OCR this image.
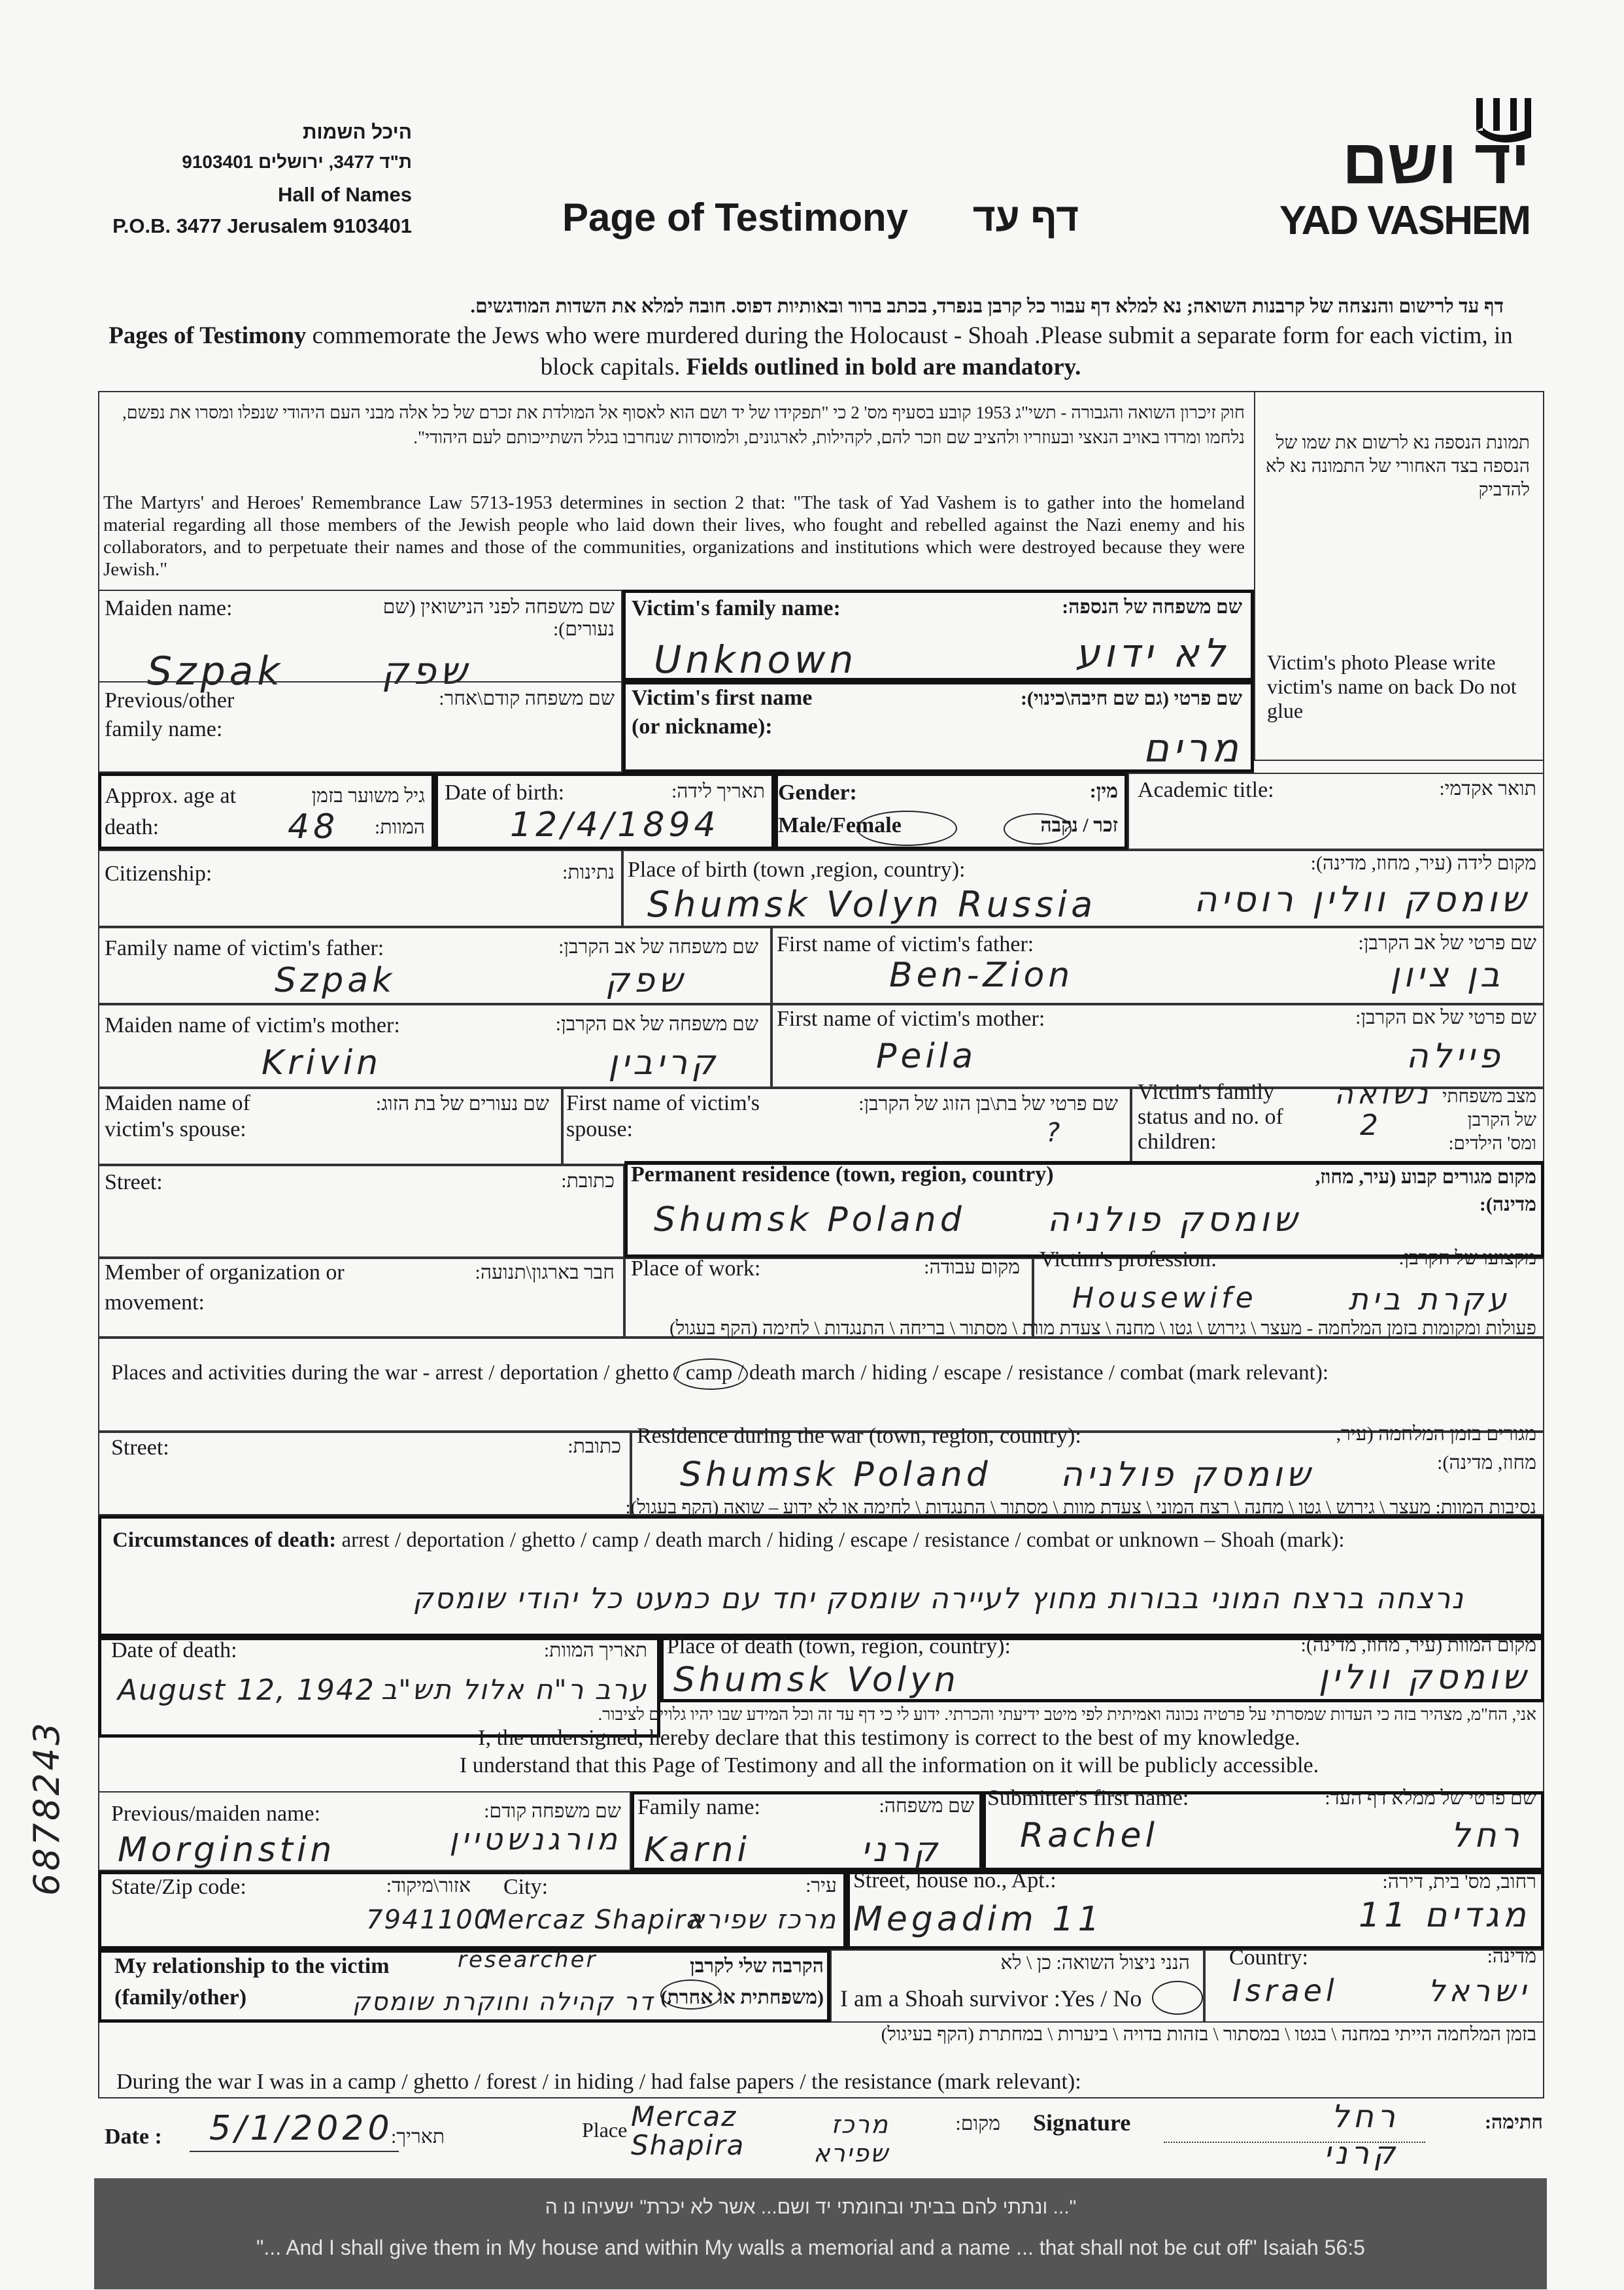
היכל השמות
ת"ד 3477, ירושלים 9103401
Hall of Names
P.O.B. 3477 Jerusalem 9103401	Page of Testimony	דף עד
יד ושם
YAD VASHEM
דף עד לרישום והנצחה של קרבנות השואה; נא למלא דף עבור כל קרבן בנפרד, בכתב ברור ובאותיות דפוס. חובה למלא את השדות המודגשים.
Pages of Testimony commemorate the Jews who were murdered during the Holocaust - Shoah .Please submit a separate form for each victim, in block capitals. Fields outlined in bold are mandatory.
חוק זיכרון השואה והגבורה - תשי"ג 1953 קובע בסעיף מס' 2 כי "תפקידו של יד ושם הוא לאסוף אל המולדת את זכרם של כל אלה מבני העם היהודי שנפלו ומסרו את נפשם, נלחמו ומרדו באויב הנאצי ובעוזריו ולהציב שם וזכר להם, לקהילות, לארגונים, ולמוסדות שנחרבו בגלל השתייכותם לעם היהודי".
The Martyrs' and Heroes' Remembrance Law 5713-1953 determines in section 2 that: "The task of Yad Vashem is to gather into the homeland material regarding all those members of the Jewish people who laid down their lives, who fought and rebelled against the Nazi enemy and his collaborators, and to perpetuate their names and those of the communities, organizations and institutions which were destroyed because they were Jewish."
תמונת הנספה נא לרשום את שמו של הנספה בצד האחורי של התמונה נא לא להדביק
Victim's photo Please write victim's name on back Do not glue
Maiden name:	שם משפחה לפני הנישואין (שם נעורים):
Szpak	שפק
Previous/other family name:
שם משפחה קודם\אחר:
Victim's family name:	שם משפחה של הנספה:
Unknown	לא ידוע
Victim's first name (or nickname):
שם פרטי (גם שם חיבה\כינוי):
מרים
Approx. age at death:
גיל משוער בזמן המוות:
48
Date of birth:	תאריך לידה:
12/4/1894
Gender:
Male/Female
מין:
זכר / נקבה
Academic title:	תואר אקדמי:
Citizenship:	נתינות: Place of birth (town ,region, country):	מקום לידה (עיר, מחוז, מדינה):
Shumsk Volyn Russia	שומסק וולין רוסיה
Family name of victim's father:	שם משפחה של אב הקרבן:
Szpak	שפק
First name of victim's father:	שם פרטי של אב הקרבן:
Ben-Zion	בן ציון
Maiden name of victim's mother:	שם משפחה של אם הקרבן:
Krivin	קריבין
First name of victim's mother:	שם פרטי של אם הקרבן:
Peila	פיילה
Maiden name of victim's spouse:
שם נעורים של בת הזוג: First name of victim's spouse:
שם פרטי של בת\בן הזוג של הקרבן:
?
Victim's family status and no. of children:
מצב משפחתי של הקרבן ומס' הילדים:
נשואה
2
Street:	כתובת: Permanent residence (town, region, country)	מקום מגורים קבוע (עיר, מחוז, מדינה):
Shumsk Poland	שומסק פולניה
Member of organization or movement:
חבר בארגון\תנועה: Place of work:	מקום עבודה: Victim's profession:	מקצועו של הקרבן:
Housewife	עקרת בית
פעולות ומקומות בזמן המלחמה - מעצר \ גירוש \ גטו \ מחנה \ צעדת מוות \ מסתור \ בריחה \ התנגדות \ לחימה (הקף בעגול)
Places and activities during the war - arrest / deportation / ghetto / camp / death march / hiding / escape / resistance / combat (mark relevant):
Street:	כתובת: Residence during the war (town, region, country):	מגורים בזמן המלחמה (עיר, מחוז, מדינה):
Shumsk Poland	שומסק פולניה
נסיבות המוות: מעצר \ גירוש \ גטו \ מחנה \ רצח המוני \ צעדת מוות \ מסתור \ התנגדות \ לחימה או לא ידוע – שואה (הקף בעגול):
Circumstances of death: arrest / deportation / ghetto / camp / death march / hiding / escape / resistance / combat or unknown – Shoah (mark):
נרצחה ברצח המוני בבורות מחוץ לעיירה שומסק יחד עם כמעט כל יהודי שומסק
Date of death:	תאריך המוות:
August 12, 1942 ערב ר"ח אלול תש"ב
Place of death (town, region, country):	מקום המוות (עיר, מחוז, מדינה):
Shumsk Volyn	שומסק וולין
אני, הח"מ, מצהיר בזה כי העדות שמסרתי על פרטיה נכונה ואמיתית לפי מיטב ידיעתי והכרתי. ידוע לי כי דף עד זה וכל המידע שבו יהיו גלויים לציבור.
I, the undersigned, hereby declare that this testimony is correct to the best of my knowledge.
I understand that this Page of Testimony and all the information on it will be publicly accessible.
Previous/maiden name:	שם משפחה קודם:
Morginstin	מורגנשטיין
Family name:	שם משפחה:
Karni	קרני
Submitter's first name:	שם פרטי של ממלא דף העד:
Rachel	רחל
State/Zip code:	אזור\מיקוד:
7941100
City:	עיר:
Mercaz Shapira
מרכז שפירא
Street, house no., Apt.:	רחוב, מס' בית, דירה:
Megadim 11	מגדים 11
My relationship to the victim (family/other)
הקרבה שלי לקרבן (משפחתית או אחרת)
researcher
דר קהילה וחוקרת שומסק
הנני ניצול השואה: כן \ לא
I am a Shoah survivor :Yes / No
Country:	מדינה:
Israel	ישראל
בזמן המלחמה הייתי במחנה \ בגטו \ במסתור \ בזהות בדויה \ ביערות \ במחתרת (הקף בעיגול)
During the war I was in a camp / ghetto / forest / in hiding / had false papers / the resistance (mark relevant):
Date : 5/1/2020
תאריך:	Place Mercaz Shapira
מרכז שפירא
מקום: Signature	רחל קרני
חתימה:
"... ונתתי להם בביתי ובחומתי יד ושם... אשר לא יכרת" ישעיהו נו ה
"... And I shall give them in My house and within My walls a memorial and a name ... that shall not be cut off" Isaiah 56:5
6878243
